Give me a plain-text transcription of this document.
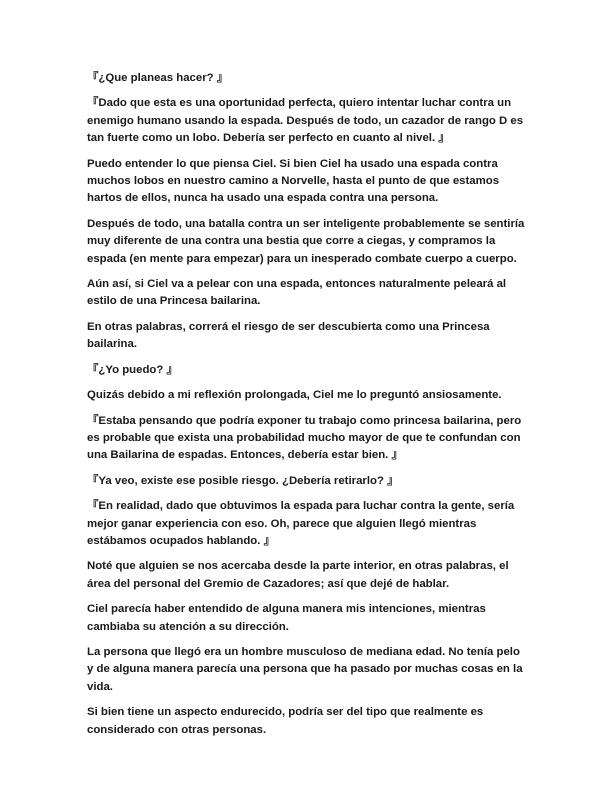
『¿Que planeas hacer? 』

『Dado que esta es una oportunidad perfecta, quiero intentar luchar contra un enemigo humano usando la espada. Después de todo, un cazador de rango D es tan fuerte como un lobo. Debería ser perfecto en cuanto al nivel. 』

Puedo entender lo que piensa Ciel. Si bien Ciel ha usado una espada contra muchos lobos en nuestro camino a Norvelle, hasta el punto de que estamos hartos de ellos, nunca ha usado una espada contra una persona.

Después de todo, una batalla contra un ser inteligente probablemente se sentiría muy diferente de una contra una bestia que corre a ciegas, y compramos la espada (en mente para empezar) para un inesperado combate cuerpo a cuerpo.

Aún así, si Ciel va a pelear con una espada, entonces naturalmente peleará al estilo de una Princesa bailarina.

En otras palabras, correrá el riesgo de ser descubierta como una Princesa bailarina.

『¿Yo puedo? 』

Quizás debido a mi reflexión prolongada, Ciel me lo preguntó ansiosamente.

『Estaba pensando que podría exponer tu trabajo como princesa bailarina, pero es probable que exista una probabilidad mucho mayor de que te confundan con una Bailarina de espadas. Entonces, debería estar bien. 』

『Ya veo, existe ese posible riesgo. ¿Debería retirarlo? 』

『En realidad, dado que obtuvimos la espada para luchar contra la gente, sería mejor ganar experiencia con eso. Oh, parece que alguien llegó mientras estábamos ocupados hablando. 』

Noté que alguien se nos acercaba desde la parte interior, en otras palabras, el área del personal del Gremio de Cazadores; así que dejé de hablar.

Ciel parecía haber entendido de alguna manera mis intenciones, mientras cambiaba su atención a su dirección.

La persona que llegó era un hombre musculoso de mediana edad. No tenía pelo y de alguna manera parecía una persona que ha pasado por muchas cosas en la vida.

Si bien tiene un aspecto endurecido, podría ser del tipo que realmente es considerado con otras personas.
